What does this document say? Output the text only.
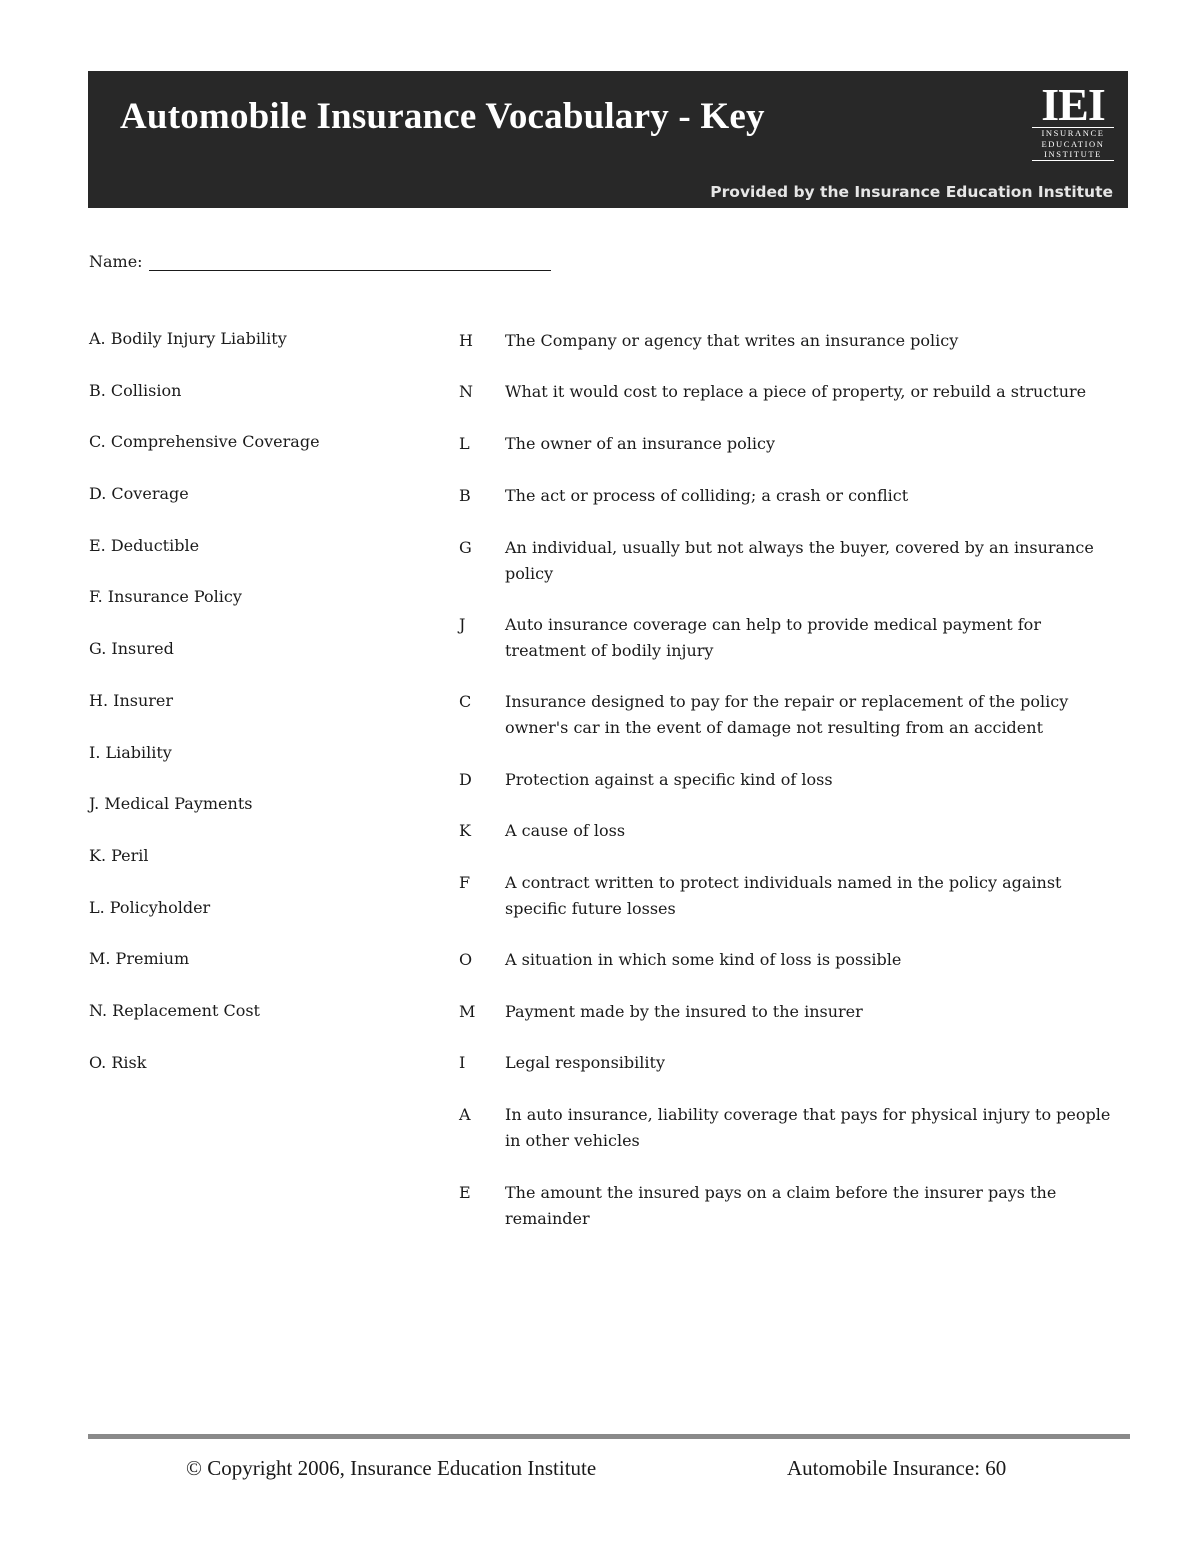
Automobile Insurance Vocabulary - Key	IEI
INSURANCE
EDUCATION
INSTITUTE
Provided by the Insurance Education Institute
Name:
A. Bodily Injury Liability
B. Collision
C. Comprehensive Coverage
D. Coverage
E. Deductible
F. Insurance Policy
G. Insured
H. Insurer
I. Liability
J. Medical Payments
K. Peril
L. Policyholder
M. Premium
N. Replacement Cost
O. Risk
H	The Company or agency that writes an insurance policy
N	What it would cost to replace a piece of property, or rebuild a structure
L	The owner of an insurance policy
B	The act or process of colliding; a crash or conflict
G	An individual, usually but not always the buyer, covered by an insurance policy
J	Auto insurance coverage can help to provide medical payment for treatment of bodily injury
C	Insurance designed to pay for the repair or replacement of the policy owner's car in the event of damage not resulting from an accident
D	Protection against a specific kind of loss
K	A cause of loss
F	A contract written to protect individuals named in the policy against specific future losses
O	A situation in which some kind of loss is possible
M	Payment made by the insured to the insurer
I	Legal responsibility
A	In auto insurance, liability coverage that pays for physical injury to people in other vehicles
E	The amount the insured pays on a claim before the insurer pays the remainder
© Copyright 2006, Insurance Education Institute	Automobile Insurance: 60
